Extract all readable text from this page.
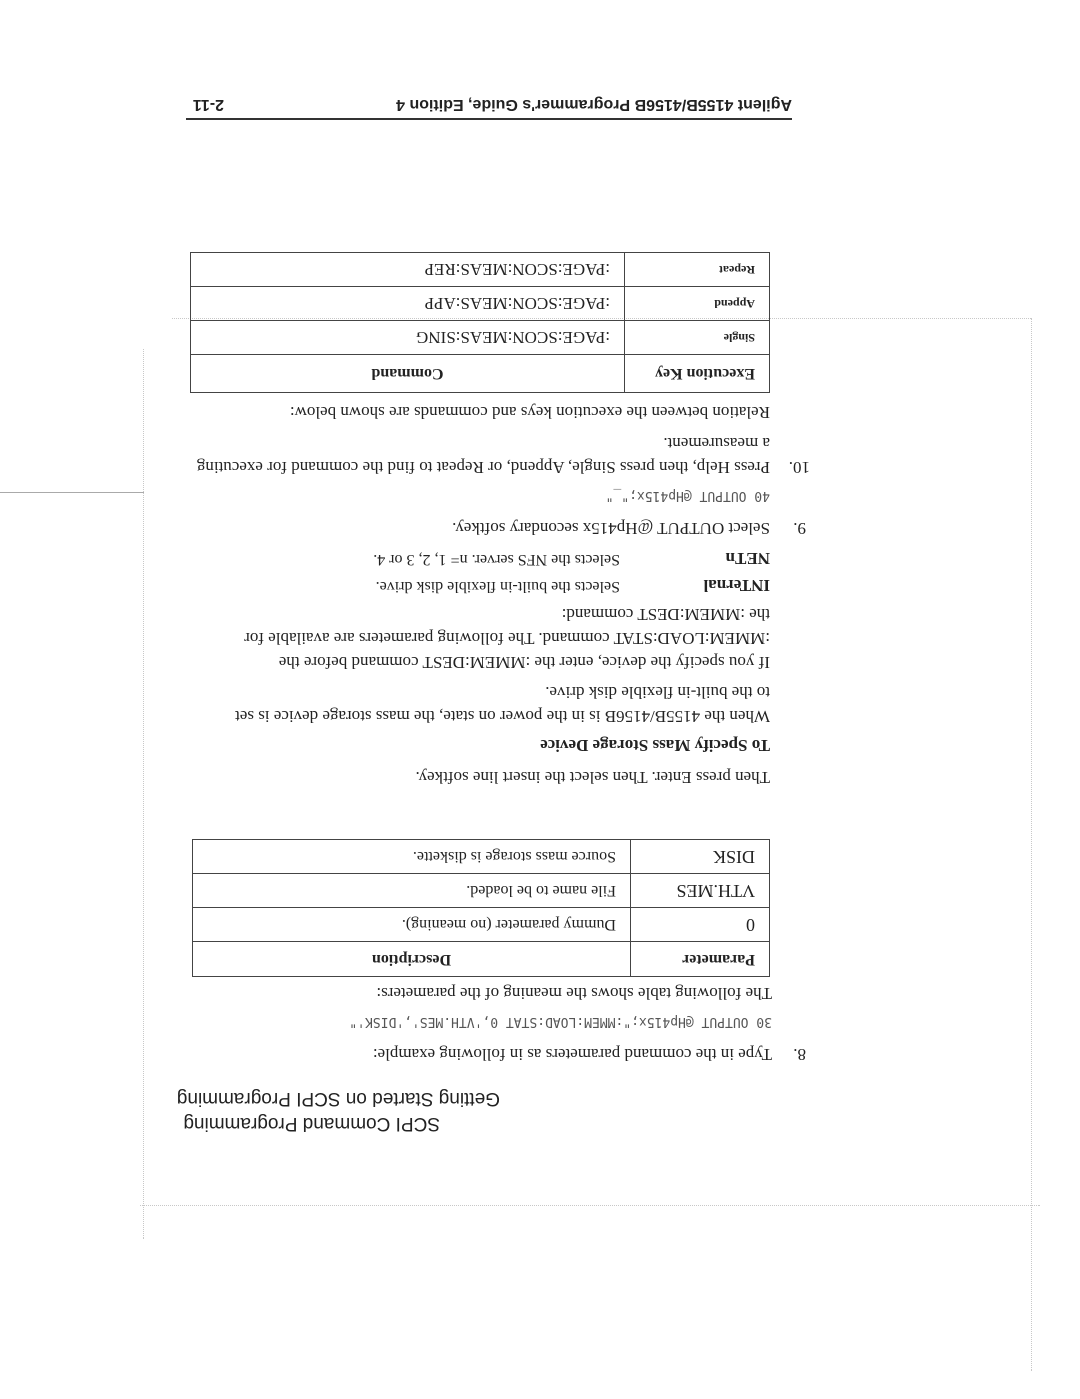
SCPI Command Programming
Getting Started on SCPI Programming
8.
Type in the command parameters as in following example:
30 OUTPUT @Hp415x;":MMEM:LOAD:STAT 0,'VTH.MES','DISK'"
The following table shows the meaning of the parameters:
Parameter	Description
0	Dummy parameter (no meaning).
VTH.MES	File name to be loaded.
DISK	Source mass storage is diskette.
Then press Enter. Then select the insert line softkey.
To Specify Mass Storage Device
When the 4155B/4156B is in the power on state, the mass storage device is set
to the built-in flexible disk drive.
If you specify the device, enter the :MMEM:DEST command before the
:MMEM:LOAD:STAT command. The following parameters are available for
the :MMEM:DEST command:
INTernal
Selects the built-in flexible disk drive.
NETn
Selects the NFS server. n= 1, 2, 3 or 4.
9.
Select OUTPUT @Hp415x secondary softkey.
40 OUTPUT @Hp415x;"_"
10.
Press Help, then press Single, Append, or Repeat to find the command for executing
a measurement.
Relation between the execution keys and commands are shown below:
Execution Key	Command
Single	:PAGE:SCON:MEAS:SING
Append	:PAGE:SCON:MEAS:APP
Repeat	:PAGE:SCON:MEAS:REP
Agilent 4155B/4156B Programmer's Guide, Edition 4
2-11
